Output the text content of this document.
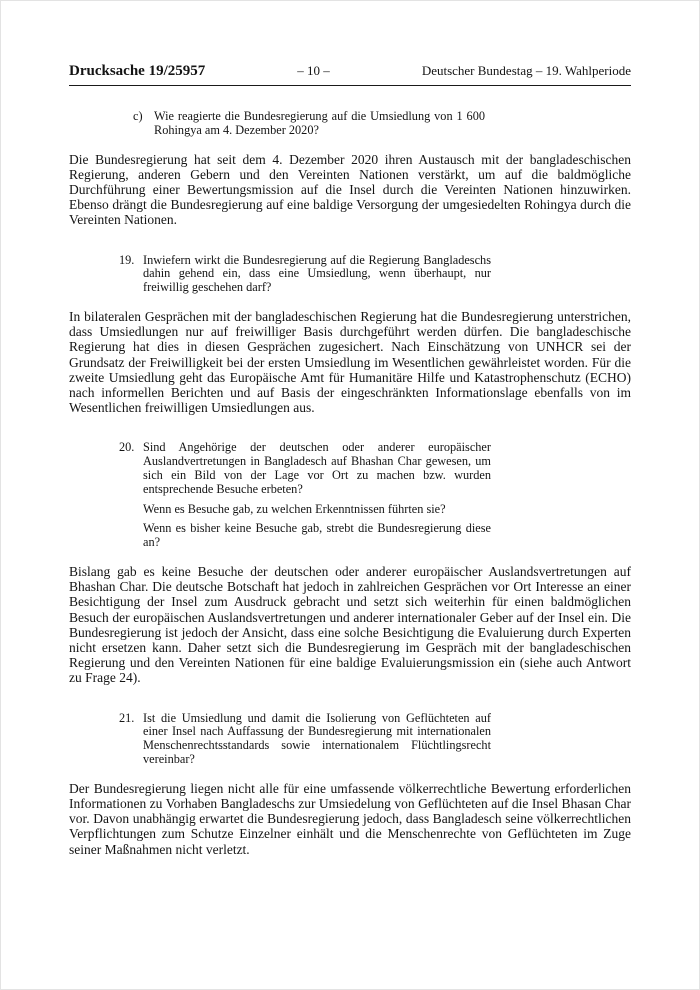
Drucksache 19/25957	– 10 –	Deutscher Bundestag – 19. Wahlperiode
c) Wie reagierte die Bundesregierung auf die Umsiedlung von 1 600 Rohingya am 4. Dezember 2020?

Die Bundesregierung hat seit dem 4. Dezember 2020 ihren Austausch mit der bangladeschischen Regierung, anderen Gebern und den Vereinten Nationen verstärkt, um auf die baldmögliche Durchführung einer Bewertungsmission auf die Insel durch die Vereinten Nationen hinzuwirken. Ebenso drängt die Bundesregierung auf eine baldige Versorgung der umgesiedelten Rohingya durch die Vereinten Nationen.

19. Inwiefern wirkt die Bundesregierung auf die Regierung Bangladeschs dahin gehend ein, dass eine Umsiedlung, wenn überhaupt, nur freiwillig geschehen darf?

In bilateralen Gesprächen mit der bangladeschischen Regierung hat die Bundesregierung unterstrichen, dass Umsiedlungen nur auf freiwilliger Basis durchgeführt werden dürfen. Die bangladeschische Regierung hat dies in diesen Gesprächen zugesichert. Nach Einschätzung von UNHCR sei der Grundsatz der Freiwilligkeit bei der ersten Umsiedlung im Wesentlichen gewährleistet worden. Für die zweite Umsiedlung geht das Europäische Amt für Humanitäre Hilfe und Katastrophenschutz (ECHO) nach informellen Berichten und auf Basis der eingeschränkten Informationslage ebenfalls von im Wesentlichen freiwilligen Umsiedlungen aus.

20. Sind Angehörige der deutschen oder anderer europäischer Auslandvertretungen in Bangladesch auf Bhashan Char gewesen, um sich ein Bild von der Lage vor Ort zu machen bzw. wurden entsprechende Besuche erbeten?
Wenn es Besuche gab, zu welchen Erkenntnissen führten sie?
Wenn es bisher keine Besuche gab, strebt die Bundesregierung diese an?

Bislang gab es keine Besuche der deutschen oder anderer europäischer Auslandsvertretungen auf Bhashan Char. Die deutsche Botschaft hat jedoch in zahlreichen Gesprächen vor Ort Interesse an einer Besichtigung der Insel zum Ausdruck gebracht und setzt sich weiterhin für einen baldmöglichen Besuch der europäischen Auslandsvertretungen und anderer internationaler Geber auf der Insel ein. Die Bundesregierung ist jedoch der Ansicht, dass eine solche Besichtigung die Evaluierung durch Experten nicht ersetzen kann. Daher setzt sich die Bundesregierung im Gespräch mit der bangladeschischen Regierung und den Vereinten Nationen für eine baldige Evaluierungsmission ein (siehe auch Antwort zu Frage 24).

21. Ist die Umsiedlung und damit die Isolierung von Geflüchteten auf einer Insel nach Auffassung der Bundesregierung mit internationalen Menschenrechtsstandards sowie internationalem Flüchtlingsrecht vereinbar?

Der Bundesregierung liegen nicht alle für eine umfassende völkerrechtliche Bewertung erforderlichen Informationen zu Vorhaben Bangladeschs zur Umsiedelung von Geflüchteten auf die Insel Bhasan Char vor. Davon unabhängig erwartet die Bundesregierung jedoch, dass Bangladesch seine völkerrechtlichen Verpflichtungen zum Schutze Einzelner einhält und die Menschenrechte von Geflüchteten im Zuge seiner Maßnahmen nicht verletzt.
